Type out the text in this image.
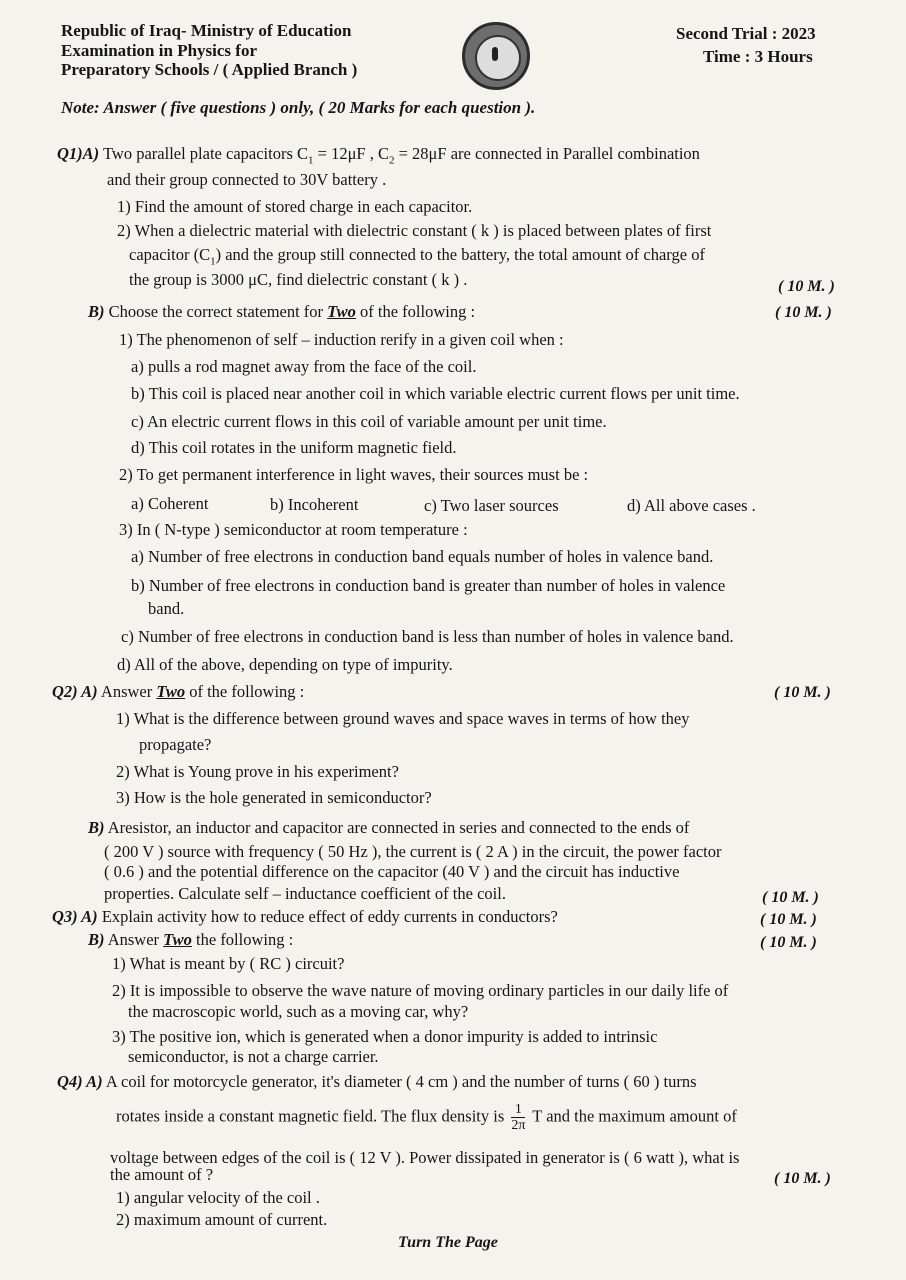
Republic of Iraq- Ministry of Education
Examination in Physics for
Preparatory Schools / ( Applied Branch )
Second Trial : 2023
Time : 3 Hours
Note: Answer ( five questions ) only, ( 20 Marks for each question ).
Q1)A) Two parallel plate capacitors $C_1 = 12\mu F$ , $C_2 = 28\mu F$ are connected in Parallel combination
and their group connected to 30V battery .
1) Find the amount of stored charge in each capacitor.
2) When a dielectric material with dielectric constant ( k ) is placed between plates of first
capacitor $(C_1)$ and the group still connected to the battery, the total amount of charge of
the group is 3000 μC, find dielectric constant ( k ) .	( 10 M. )
B) Choose the correct statement for Two of the following :	( 10 M. )
1) The phenomenon of self – induction rerify in a given coil when :
a) pulls a rod magnet away from the face of the coil.
b) This coil is placed near another coil in which variable electric current flows per unit time.
c) An electric current flows in this coil of variable amount per unit time.
d) This coil rotates in the uniform magnetic field.
2) To get permanent interference in light waves, their sources must be :
a) Coherent	b) Incoherent	c) Two laser sources	d) All above cases .
3) In ( N-type ) semiconductor at room temperature :
a) Number of free electrons in conduction band equals number of holes in valence band.
b) Number of free electrons in conduction band is greater than number of holes in valence
band.
c) Number of free electrons in conduction band is less than number of holes in valence band.
d) All of the above, depending on type of impurity.
Q2) A) Answer Two of the following :	( 10 M. )
1) What is the difference between ground waves and space waves in terms of how they
propagate?
2) What is Young prove in his experiment?
3) How is the hole generated in semiconductor?
B) Aresistor, an inductor and capacitor are connected in series and connected to the ends of
( 200 V ) source with frequency ( 50 Hz ), the current is ( 2 A ) in the circuit, the power factor
( 0.6 ) and the potential difference on the capacitor (40 V ) and the circuit has inductive
properties. Calculate self – inductance coefficient of the coil.	( 10 M. )
Q3) A) Explain activity how to reduce effect of eddy currents in conductors?	( 10 M. )
B) Answer Two the following :	( 10 M. )
1) What is meant by ( RC ) circuit?
2) It is impossible to observe the wave nature of moving ordinary particles in our daily life of
the macroscopic world, such as a moving car, why?
3) The positive ion, which is generated when a donor impurity is added to intrinsic
semiconductor, is not a charge carrier.
Q4) A) A coil for motorcycle generator, it's diameter ( 4 cm ) and the number of turns ( 60 ) turns
rotates inside a constant magnetic field. The flux density is $\frac{1}{2\pi}$ T and the maximum amount of
voltage between edges of the coil is ( 12 V ). Power dissipated in generator is ( 6 watt ), what is
the amount of ?	( 10 M. )
1) angular velocity of the coil .
2) maximum amount of current.
Turn The Page
